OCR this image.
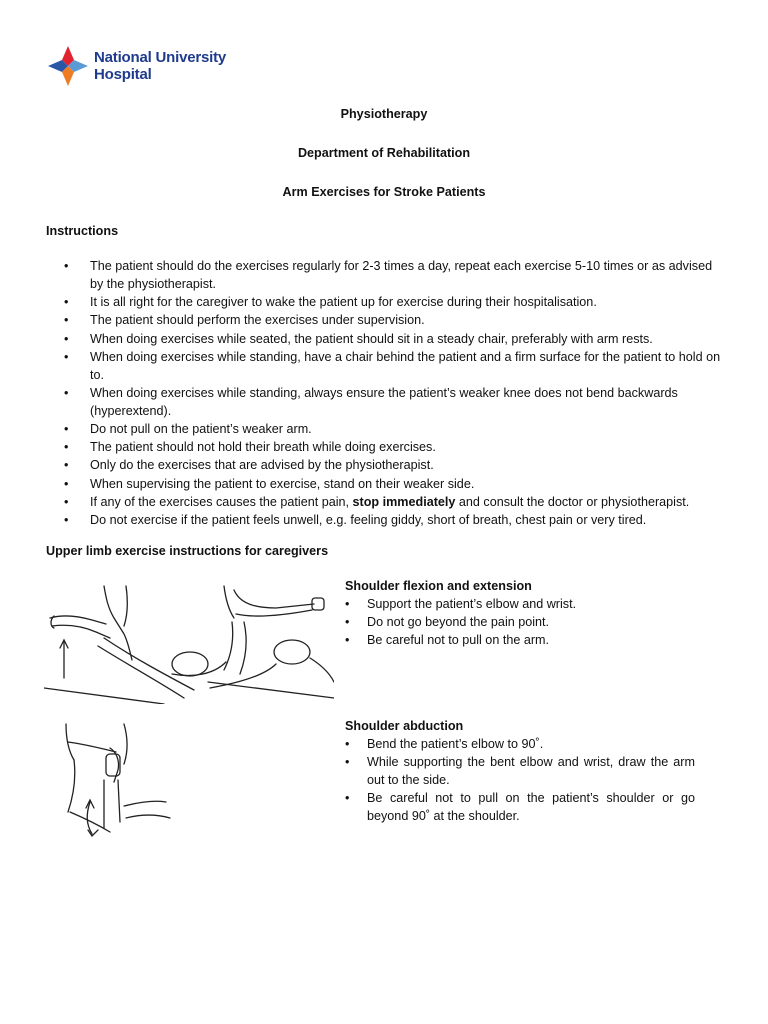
National University
Hospital
Physiotherapy
Department of Rehabilitation
Arm Exercises for Stroke Patients
Instructions
• The patient should do the exercises regularly for 2-3 times a day, repeat each exercise 5-10 times or as advised by the physiotherapist.
• It is all right for the caregiver to wake the patient up for exercise during their hospitalisation.
• The patient should perform the exercises under supervision.
• When doing exercises while seated, the patient should sit in a steady chair, preferably with arm rests.
• When doing exercises while standing, have a chair behind the patient and a firm surface for the patient to hold on to.
• When doing exercises while standing, always ensure the patient’s weaker knee does not bend backwards (hyperextend).
• Do not pull on the patient’s weaker arm.
• The patient should not hold their breath while doing exercises.
• Only do the exercises that are advised by the physiotherapist.
• When supervising the patient to exercise, stand on their weaker side.
• If any of the exercises causes the patient pain, stop immediately and consult the doctor or physiotherapist.
• Do not exercise if the patient feels unwell, e.g. feeling giddy, short of breath, chest pain or very tired.
Upper limb exercise instructions for caregivers
Shoulder flexion and extension
• Support the patient’s elbow and wrist.
• Do not go beyond the pain point.
• Be careful not to pull on the arm.
Shoulder abduction
• Bend the patient’s elbow to 90˚.
• While supporting the bent elbow and wrist, draw the arm out to the side.
• Be careful not to pull on the patient’s shoulder or go beyond 90˚ at the shoulder.
